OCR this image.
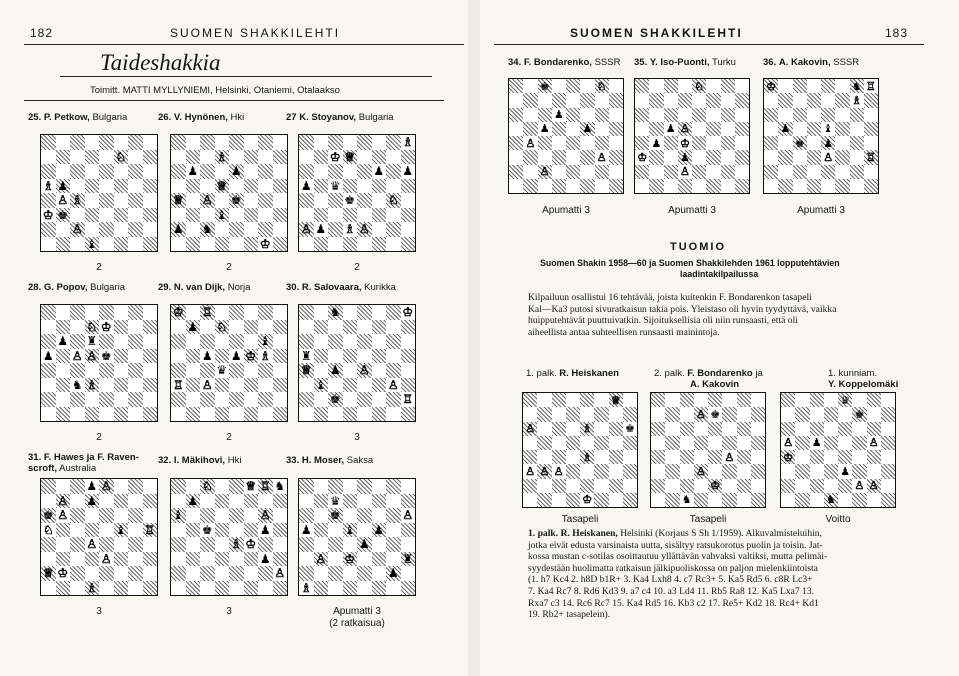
182	SUOMEN SHAKKILEHTI
Taideshakkia
Toimitt. MATTI MYLLYNIEMI, Helsinki, Otaniemi, Otalaakso
25. P. Petkow, Bulgaria
♘
♗ ♟
♙ ♗
♔ ♚
♙
♝
2
26. V. Hynönen, Hki
♗
♟	♟
♕
♕ ♙ ♚
♝
♟ ♞
♔
2
27 K. Stoyanov, Bulgaria
♗
♔ ♕
♟ ♟
♟ ♛
♚	♘
♙ ♟ ♗ ♙
2
28. G. Popov, Bulgaria
♘ ♔
♟ ♜
♟ ♙ ♙ ♚
♞ ♗
2
29. N. van Dijk, Norja
♔ ♖
♟ ♘
♝
♟ ♟ ♔ ♗
♛
♖ ♙
2
30. R. Salovaara, Kurikka
♞	♔
♜
♕ ♟ ♙
♝	♙
♚	♖
3
31. F. Hawes ja F. Raven-
scroft, Australia
♟ ♙
♙ ♟
♚ ♙
♘	♝ ♖
♙
♙
♕ ♔
♗
3
32. I. Mäkihovi, Hki
♘	♕ ♖ ♞
♟
♝	♙
♚	♟
♗ ♔
♟
♙
3
33. H. Moser, Saksa
♛
♚	♙
♟	♝ ♟
♟
♙ ♔	♜
♟
♗
Apumatti 3
(2 ratkaisua)
SUOMEN SHAKKILEHTI	183
34. F. Bondarenko, SSSR
♚	♘
♟
♟	♟
♙
♙
♙
Apumatti 3
35. Y. Iso-Puonti, Turku
♘
♟ ♙
♟ ♔
♔	♟
♙
Apumatti 3
36. A. Kakovin, SSSR
♔	♞ ♖
♗
♟	♝
♚ ♟
♙	♖
Apumatti 3
TUOMIO
Suomen Shakin 1958—60 ja Suomen Shakkilehden 1961 lopputehtävien
laadintakilpailussa
Kilpailuun osallistui 16 tehtävää, joista kuitenkin F. Bondarenkon tasapeli
Kal—Ka3 putosi sivuratkaisun takia pois. Yleistaso oli hyvin tyydyttävä, vaikka
huipputehtävät puuttuivatkin. Sijoituksellisia oli niin runsaasti, että oli
aiheellista antaa suhteellisen runsaasti mainintoja.
1. palk. R. Heiskanen
Tasapeli
2. palk. F. Bondarenko ja
A. Kakovin
Tasapeli
1. kunniam.
Y. Koppelomäki
Voitto
♕
♙	♗	♚
♗
♙ ♙ ♙
♔
♙ ♚
♙
♙
♔
♞
♛
♚
♙ ♟	♙
♔
♟
♙ ♙
♞
1. palk. R. Heiskanen, Helsinki (Korjaus S Sh 1/1959). Alkuvalmisteluihin,
jotka eivät edusta varsinaista uutta, sisältyy ratsukorotus puolin ja toisin. Jat-
kossa mustan c-sotilas osoittautuu yllättävän vahvaksi valtiksi, mutta pelimäi-
syydestään huolimatta ratkaisun jälkipuoliskossa on paljon mielenkiintoista
(1. h7 Kc4 2. h8D b1R+ 3. Ka4 Lxh8 4. c7 Rc3+ 5. Ka5 Rd5 6. c8R Lc3+
7. Ka4 Rc7 8. Rd6 Kd3 9. a7 c4 10. a3 Ld4 11. Rb5 Ra8 12. Ka5 Lxa7 13.
Rxa7 c3 14. Rc6 Rc7 15. Ka4 Rd5 16. Kb3 c2 17. Re5+ Kd2 18. Rc4+ Kd1
19. Rb2+ tasapelein).
